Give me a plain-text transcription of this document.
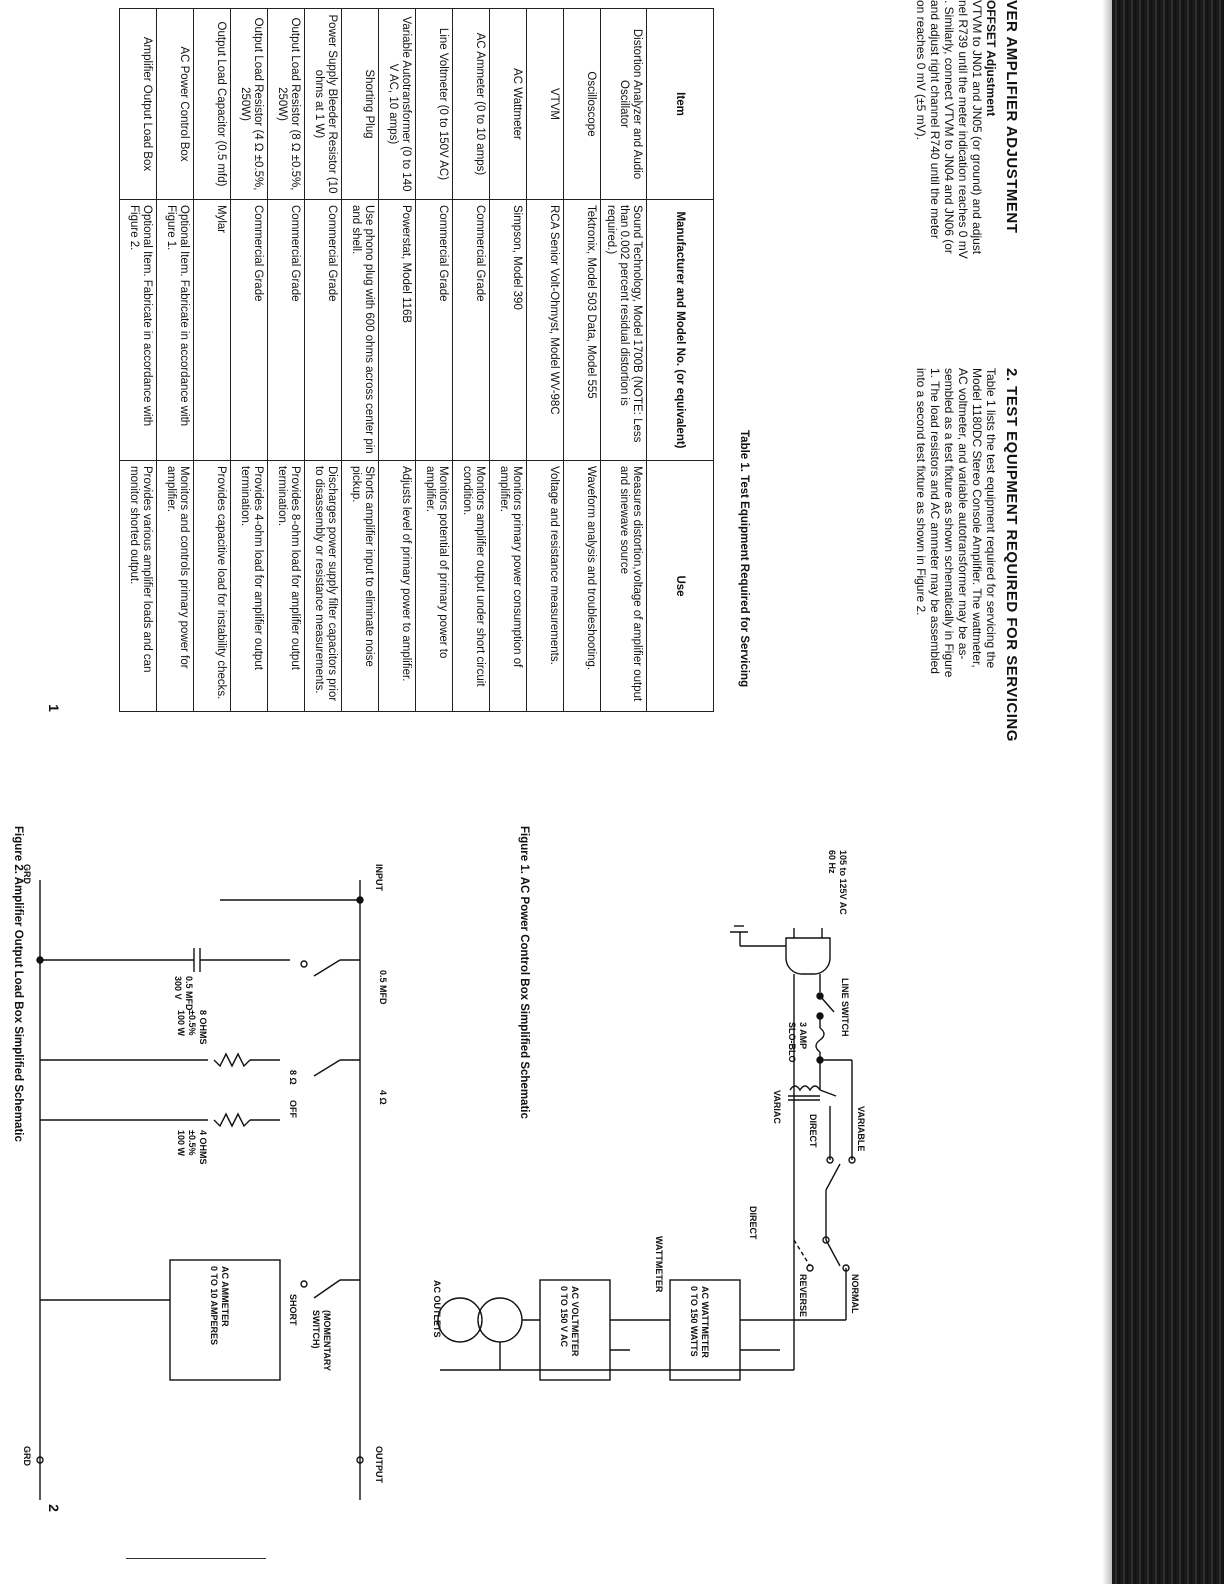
1
2
VER AMPLIFIER ADJUSTMENT
OFFSET Adjustment
VTVM to JN01 and JN05 (or ground) and adjust
nel R739 until the meter indication reaches 0 mV
. Similarly, connect VTVM to JN04 and JN06 (or
and adjust right channel R740 until the meter
on reaches 0 mV (±5 mV).
2. TEST EQUIPMENT REQUIRED FOR SERVICING
Table 1 lists the test equipment required for servicing the
Model 1180DC Stereo Console Amplifier. The wattmeter,
AC voltmeter, and variable autotransformer may be as-
sembled as a test fixture as shown schematically in Figure
1. The load resistors and AC ammeter may be assembled
into a second test fixture as shown in Figure 2.
Table 1. Test Equipment Required for Servicing
Item	Manufacturer and Model No. (or equivalent)	Use
Distortion Analyzer and Audio Oscillator	Sound Technology, Model 1700B (NOTE: Less than 0.002 percent residual distortion is required.)	Measures distortion,voltage of amplifier output and sinewave source
Oscilloscope	Tektronix, Model 503 Data, Model 555	Waveform analysis and troubleshooting.
VTVM	RCA Senior Volt-Ohmyst, Model WV-98C	Voltage and resistance measurements.
AC Wattmeter	Simpson, Model 390	Monitors primary power consumption of amplifier.
AC Ammeter (0 to 10 amps)	Commercial Grade	Monitors amplifier output under short circuit condition.
Line Voltmeter (0 to 150V AC)	Commercial Grade	Monitors potential of primary power to amplifier.
Variable Autotransformer (0 to 140 V AC, 10 amps)	Powerstat, Model 116B	Adjusts level of primary power to amplifier.
Shorting Plug	Use phono plug with 600 ohms across center pin and shell.	Shorts amplifier input to eliminate noise pickup.
Power Supply Bleeder Resistor (10 ohms at 1 W)	Commercial Grade	Discharges power supply filter capacitors prior to disassembly or resistance measurements.
Output Load Resistor (8 Ω ±0.5%, 250W)	Commercial Grade	Provides 8-ohm load for amplifier output termination.
Output Load Resistor (4 Ω ±0.5%, 250W)	Commercial Grade	Provides 4-ohm load for amplifier output termination.
Output Load Capacitor (0.5 mfd)	Mylar	Provides capacitive load for instability checks.
AC Power Control Box	Optional Item. Fabricate in accordance with Figure 1.	Monitors and controls primary power for amplifier.
Amplifier Output Load Box	Optional Item. Fabricate in accordance with Figure 2.	Provides various amplifier loads and can monitor shorted output.
105 to 125V AC60 Hz
LINE SWITCH
3 AMPSLO-BLO
VARIAC	VARIABLE
DIRECT
NORMAL
REVERSE
DIRECT
WATTMETER
AC WATTMETER0 TO 150 WATTS
AC VOLTMETER0 TO 150 V AC
AC OUTLETS
Figure 1. AC Power Control Box Simplified Schematic
INPUT
GRD
0.5 MFD
0.5 MFD300 V
4 Ω
8 Ω
OFF
8 OHMS±0.5%100 W
4 OHMS±0.5%100 W
(MOMENTARYSWITCH)
SHORT
AC AMMETER0 TO 10 AMPERES
OUTPUT
GRD
Figure 2. Amplifier Output Load Box Simplified Schematic
